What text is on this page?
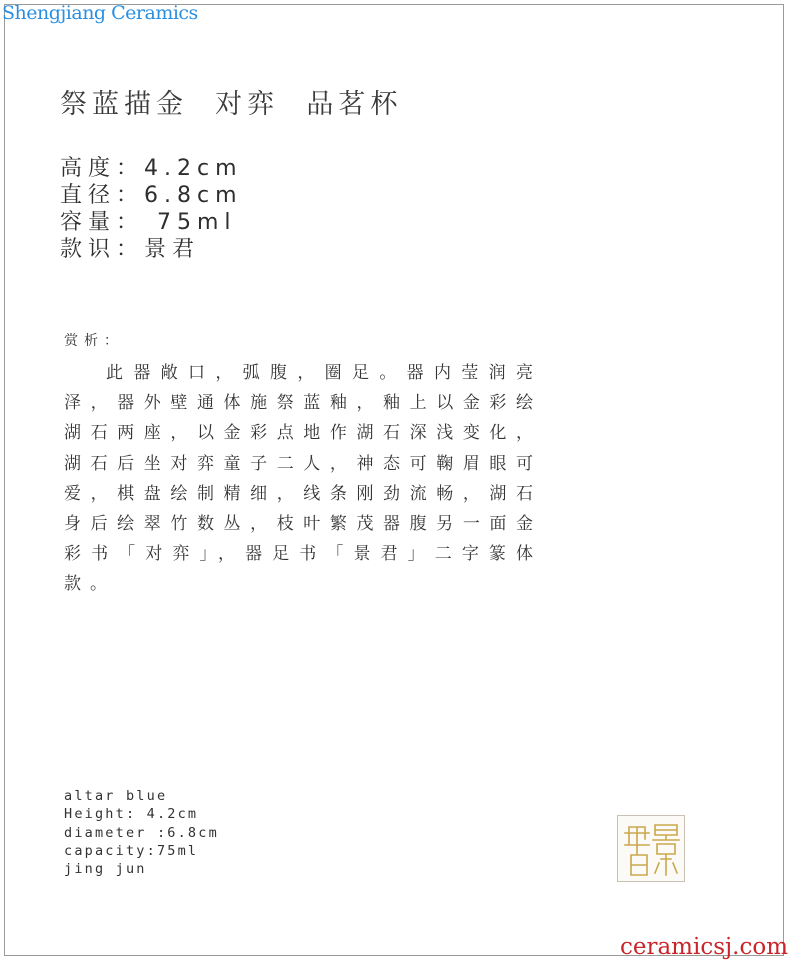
Shengjiang Ceramics
祭蓝描金  对弈  品茗杯
高度：4.2cm
直径：6.8cm
容量： 75ml
款识：景君
赏析：
此器敞口，弧腹，圈足。器内莹润亮泽，器外壁通体施祭蓝釉，釉上以金彩绘湖石两座，以金彩点地作湖石深浅变化，湖石后坐对弈童子二人，神态可鞠眉眼可爱，棋盘绘制精细，线条刚劲流畅，湖石身后绘翠竹数丛，枝叶繁茂器腹另一面金彩书「对弈」，器足书「景君」二字篆体款。
altar blue
Height: 4.2cm
diameter :6.8cm
capacity:75ml
jing jun
ceramicsj.com
